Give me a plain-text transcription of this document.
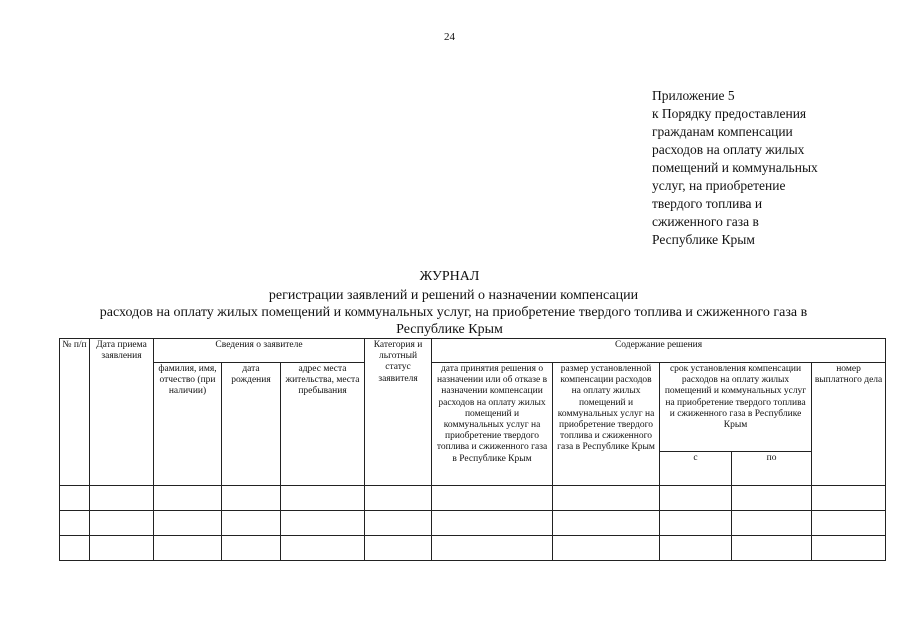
24
Приложение 5
к Порядку предоставления
гражданам компенсации
расходов на оплату жилых
помещений и коммунальных
услуг, на приобретение
твердого топлива и
сжиженного газа в
Республике Крым
ЖУРНАЛ
регистрации заявлений и решений о назначении компенсации
расходов на оплату жилых помещений и коммунальных услуг, на приобретение твердого топлива и сжиженного газа в
Республике Крым
№ п/п	Дата приема заявления	Сведения о заявителе			Категория и льготный статус заявителя	Содержание решения				
		фамилия, имя, отчество (при наличии)	дата рождения	адрес места жительства, места пребывания		дата принятия решения о назначении или об отказе в назначении компенсации расходов на оплату жилых помещений и коммунальных услуг на приобретение твердого топлива и сжиженного газа в Республике Крым	размер установленной компенсации расходов на оплату жилых помещений и коммунальных услуг на приобретение твердого топлива и сжиженного газа в Республике Крым	срок установления компенсации расходов на оплату жилых помещений и коммунальных услуг на приобретение твердого топлива и сжиженного газа в Республике Крым		номер выплатного дела
								с	по	
